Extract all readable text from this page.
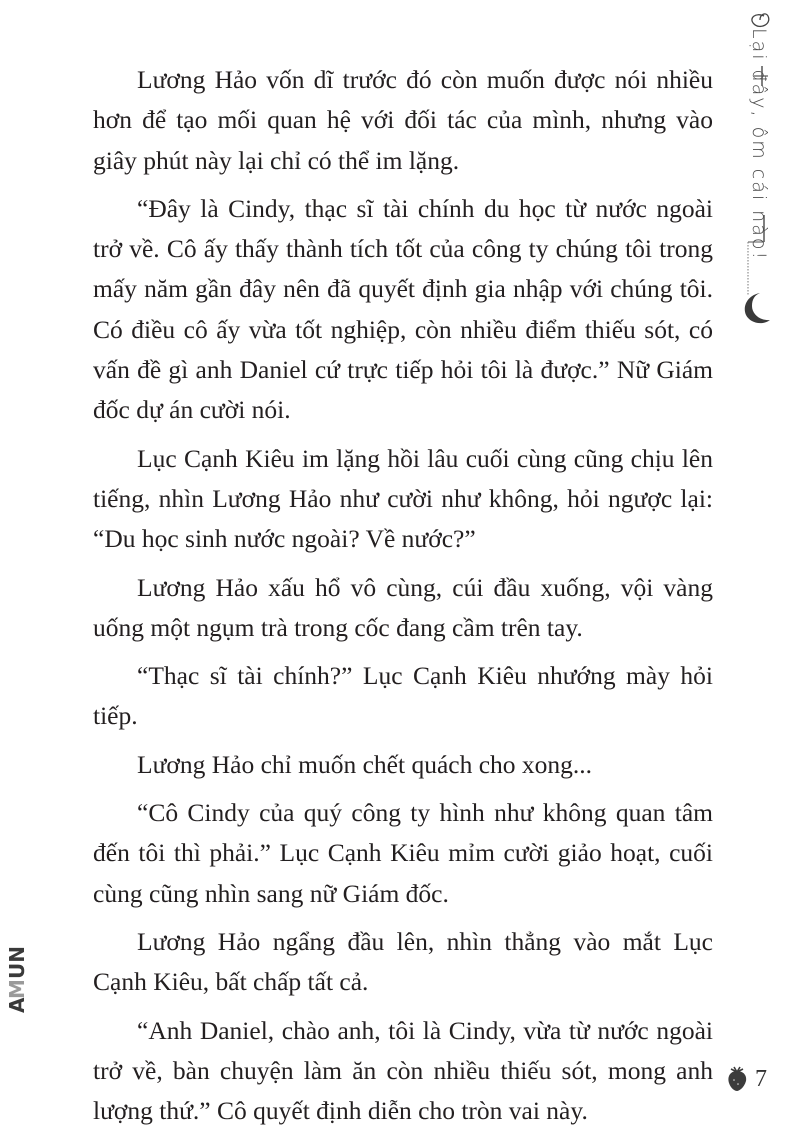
Lương Hảo vốn dĩ trước đó còn muốn được nói nhiều hơn để tạo mối quan hệ với đối tác của mình, nhưng vào giây phút này lại chỉ có thể im lặng.

“Đây là Cindy, thạc sĩ tài chính du học từ nước ngoài trở về. Cô ấy thấy thành tích tốt của công ty chúng tôi trong mấy năm gần đây nên đã quyết định gia nhập với chúng tôi. Có điều cô ấy vừa tốt nghiệp, còn nhiều điểm thiếu sót, có vấn đề gì anh Daniel cứ trực tiếp hỏi tôi là được.” Nữ Giám đốc dự án cười nói.

Lục Cạnh Kiêu im lặng hồi lâu cuối cùng cũng chịu lên tiếng, nhìn Lương Hảo như cười như không, hỏi ngược lại: “Du học sinh nước ngoài? Về nước?”

Lương Hảo xấu hổ vô cùng, cúi đầu xuống, vội vàng uống một ngụm trà trong cốc đang cầm trên tay.

“Thạc sĩ tài chính?” Lục Cạnh Kiêu nhướng mày hỏi tiếp.

Lương Hảo chỉ muốn chết quách cho xong...

“Cô Cindy của quý công ty hình như không quan tâm đến tôi thì phải.” Lục Cạnh Kiêu mỉm cười giảo hoạt, cuối cùng cũng nhìn sang nữ Giám đốc.

Lương Hảo ngẩng đầu lên, nhìn thẳng vào mắt Lục Cạnh Kiêu, bất chấp tất cả.

“Anh Daniel, chào anh, tôi là Cindy, vừa từ nước ngoài trở về, bàn chuyện làm ăn còn nhiều thiếu sót, mong anh lượng thứ.” Cô quyết định diễn cho tròn vai này.

Lại đây, ôm cái nào!
A
M
UN
7
